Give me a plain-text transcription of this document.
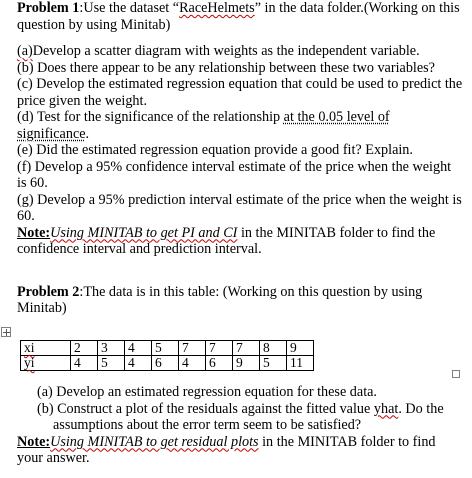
Problem 1:Use the dataset “RaceHelmets” in the data folder.(Working on this question by using Minitab)

(a)Develop a scatter diagram with weights as the independent variable.

(b) Does there appear to be any relationship between these two variables?

(c) Develop the estimated regression equation that could be used to predict the price given the weight.

(d) Test for the significance of the relationship at the 0.05 level of significance.

(e) Did the estimated regression equation provide a good fit? Explain.

(f) Develop a 95% confidence interval estimate of the price when the weight is 60.

(g) Develop a 95% prediction interval estimate of the price when the weight is 60.

Note:Using MINITAB to get PI and CI in the MINITAB folder to find the confidence interval and prediction interval.

Problem 2:The data is in this table: (Working on this question by using Minitab)

xi	2	3	4	5	7	7	7	8	9
yi	4	5	4	6	4	6	9	5	11

(a) Develop an estimated regression equation for these data.

(b) Construct a plot of the residuals against the fitted value yhat. Do the assumptions about the error term seem to be satisfied?

Note:Using MINITAB to get residual plots in the MINITAB folder to find your answer.
